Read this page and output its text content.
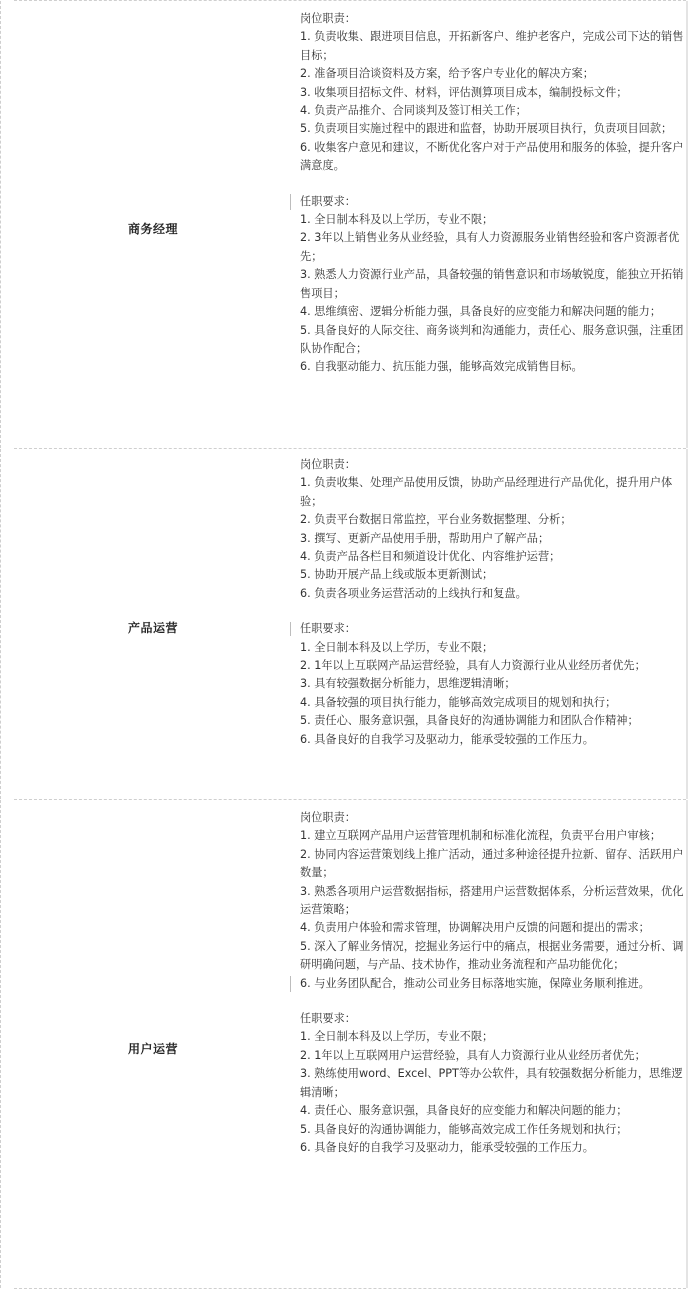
商务经理

岗位职责：

1. 负责收集、跟进项目信息，开拓新客户、维护老客户，完成公司下达的销售目标；

2. 准备项目洽谈资料及方案，给予客户专业化的解决方案；

3. 收集项目招标文件、材料，评估测算项目成本，编制投标文件；

4. 负责产品推介、合同谈判及签订相关工作；

5. 负责项目实施过程中的跟进和监督，协助开展项目执行，负责项目回款；

6. 收集客户意见和建议，不断优化客户对于产品使用和服务的体验，提升客户满意度。

任职要求：

1. 全日制本科及以上学历，专业不限；

2. 3年以上销售业务从业经验，具有人力资源服务业销售经验和客户资源者优先；

3. 熟悉人力资源行业产品，具备较强的销售意识和市场敏锐度，能独立开拓销售项目；

4. 思维缜密、逻辑分析能力强，具备良好的应变能力和解决问题的能力；

5. 具备良好的人际交往、商务谈判和沟通能力，责任心、服务意识强，注重团队协作配合；

6. 自我驱动能力、抗压能力强，能够高效完成销售目标。

产品运营

岗位职责：

1. 负责收集、处理产品使用反馈，协助产品经理进行产品优化，提升用户体验；

2. 负责平台数据日常监控，平台业务数据整理、分析；

3. 撰写、更新产品使用手册，帮助用户了解产品；

4. 负责产品各栏目和频道设计优化、内容维护运营；

5. 协助开展产品上线或版本更新测试；

6. 负责各项业务运营活动的上线执行和复盘。

任职要求：

1. 全日制本科及以上学历，专业不限；

2. 1年以上互联网产品运营经验，具有人力资源行业从业经历者优先；

3. 具有较强数据分析能力，思维逻辑清晰；

4. 具备较强的项目执行能力，能够高效完成项目的规划和执行；

5. 责任心、服务意识强，具备良好的沟通协调能力和团队合作精神；

6. 具备良好的自我学习及驱动力，能承受较强的工作压力。

用户运营

岗位职责：

1. 建立互联网产品用户运营管理机制和标准化流程，负责平台用户审核；

2. 协同内容运营策划线上推广活动，通过多种途径提升拉新、留存、活跃用户数量；

3. 熟悉各项用户运营数据指标，搭建用户运营数据体系，分析运营效果，优化运营策略；

4. 负责用户体验和需求管理，协调解决用户反馈的问题和提出的需求；

5. 深入了解业务情况，挖掘业务运行中的痛点，根据业务需要，通过分析、调研明确问题，与产品、技术协作，推动业务流程和产品功能优化；

6. 与业务团队配合，推动公司业务目标落地实施，保障业务顺利推进。

任职要求：

1. 全日制本科及以上学历，专业不限；

2. 1年以上互联网用户运营经验，具有人力资源行业从业经历者优先；

3. 熟练使用word、Excel、PPT等办公软件，具有较强数据分析能力，思维逻辑清晰；

4. 责任心、服务意识强，具备良好的应变能力和解决问题的能力；

5. 具备良好的沟通协调能力，能够高效完成工作任务规划和执行；

6. 具备良好的自我学习及驱动力，能承受较强的工作压力。
